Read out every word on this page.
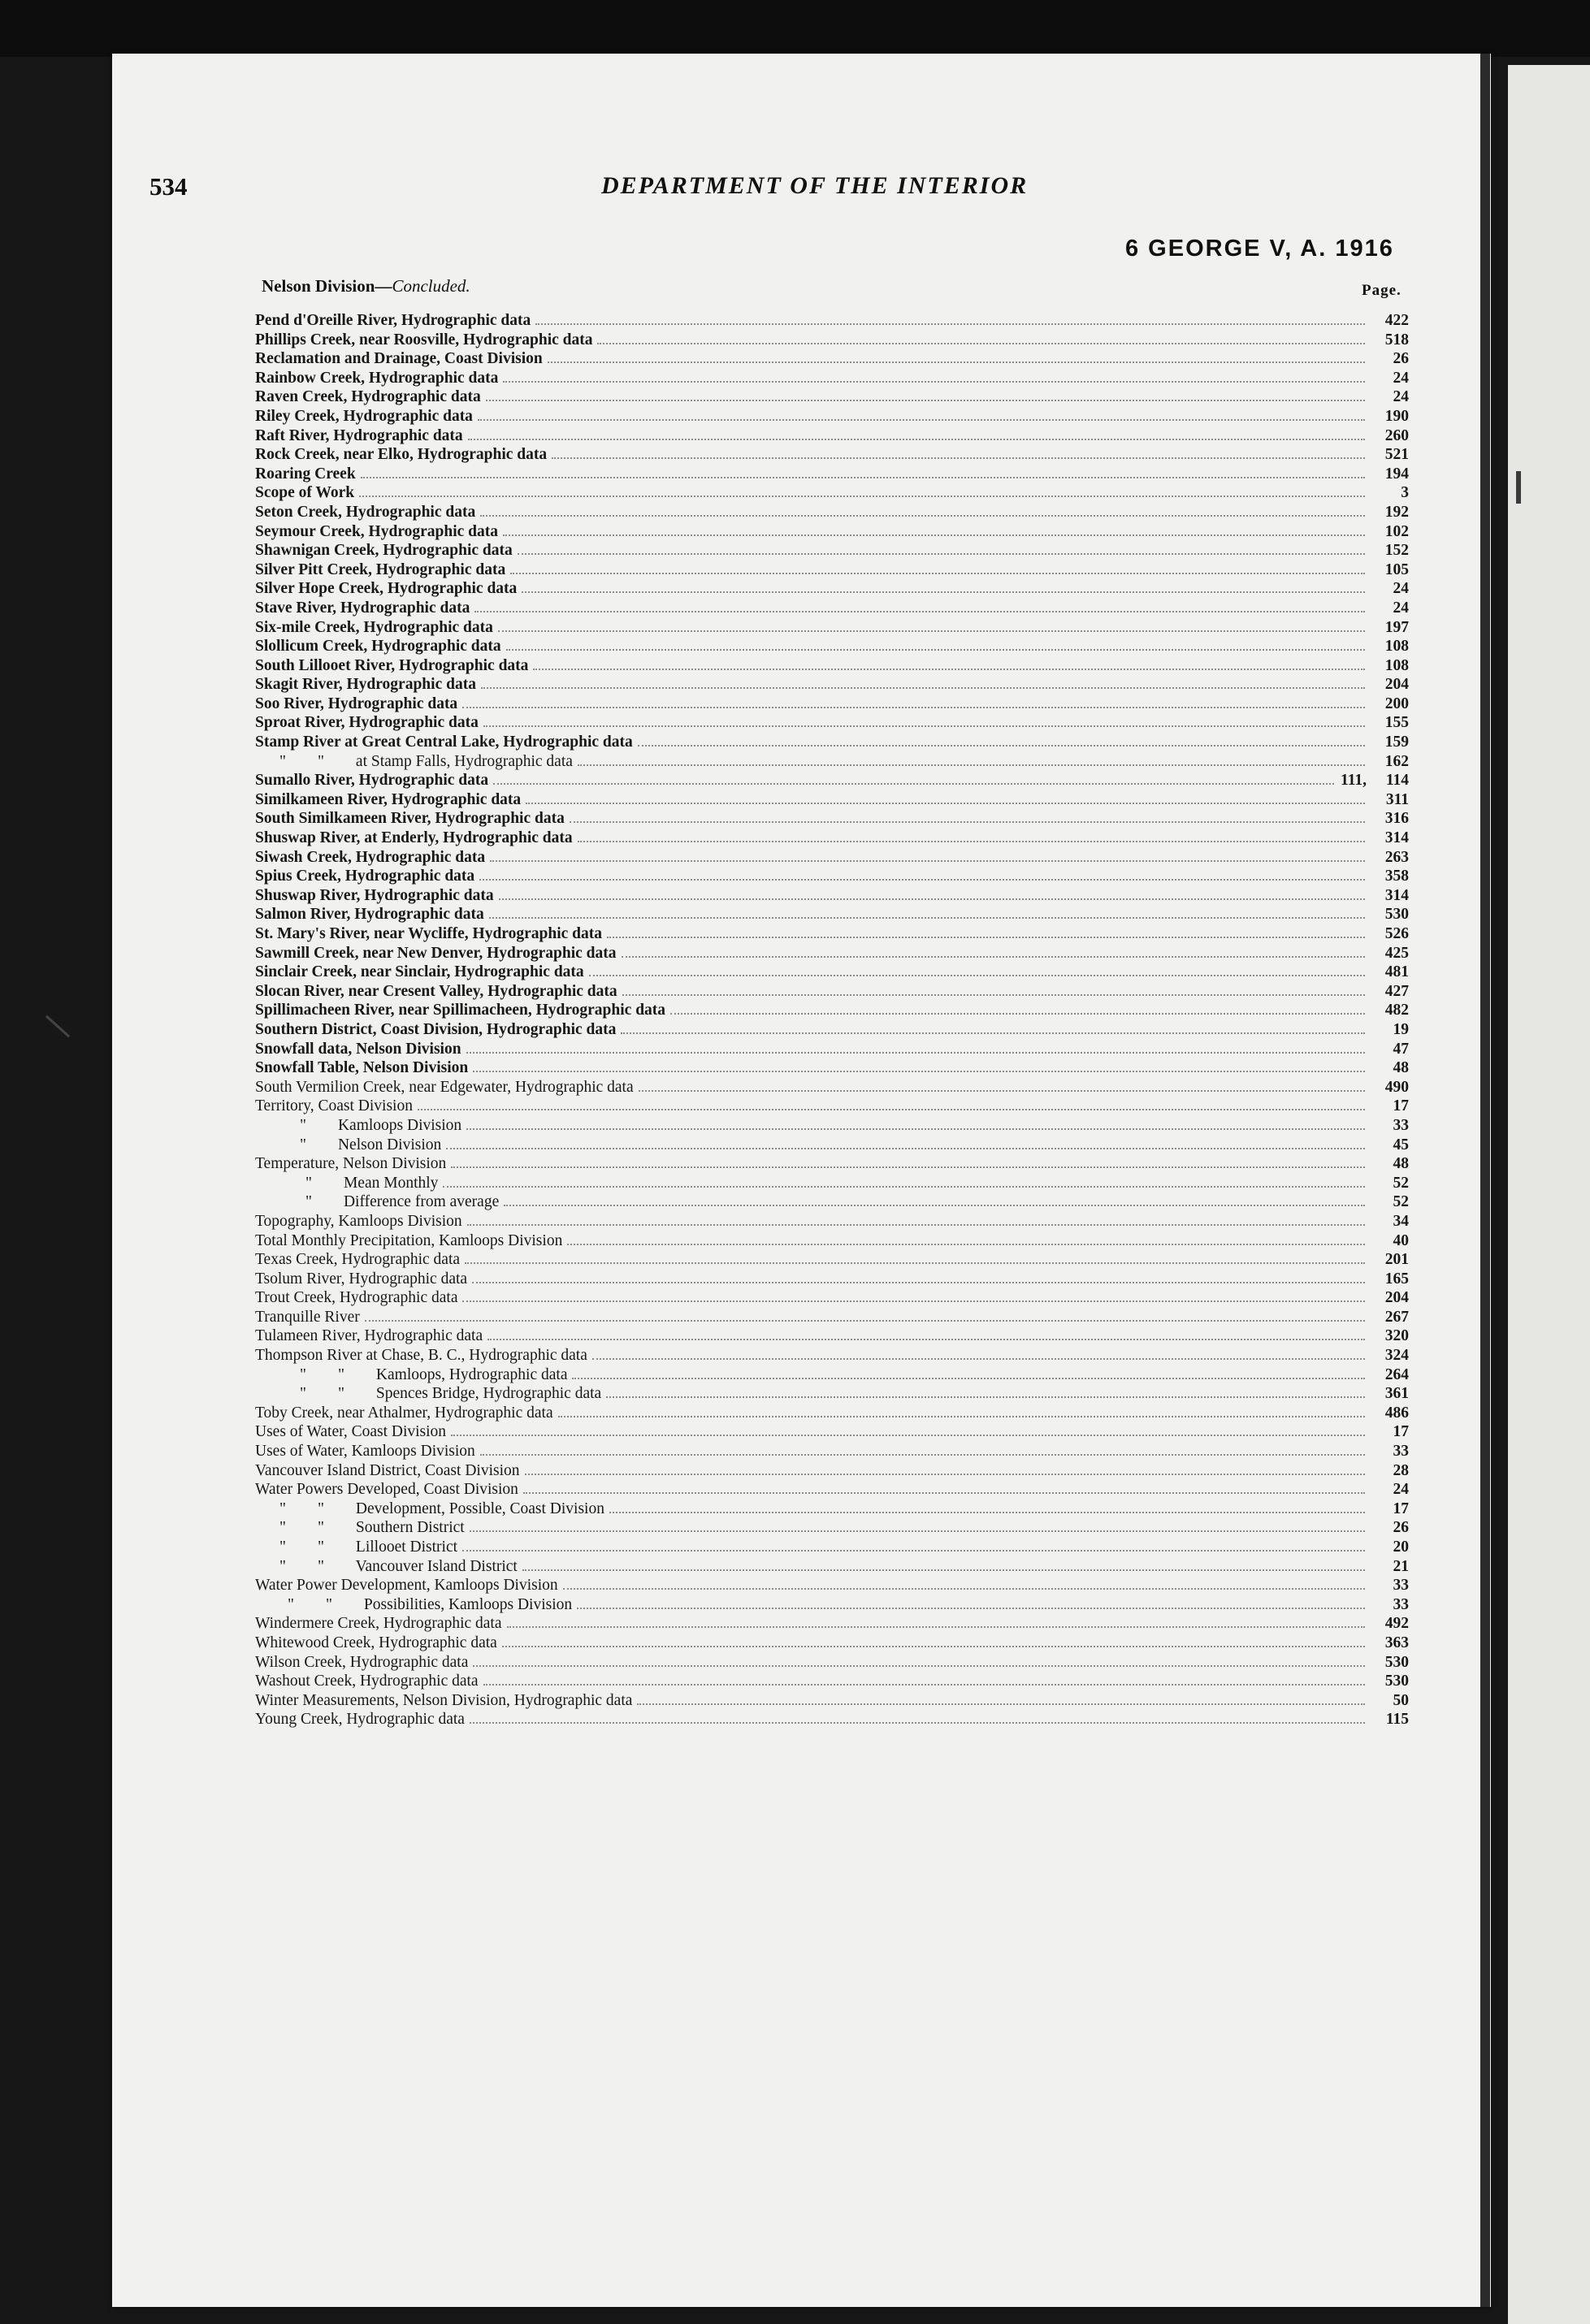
534	DEPARTMENT OF THE INTERIOR
6 GEORGE V, A. 1916
Nelson Division—Concluded.	Page.
Pend d'Oreille River, Hydrographic data	422
Phillips Creek, near Roosville, Hydrographic data	518
Reclamation and Drainage, Coast Division	26
Rainbow Creek, Hydrographic data	24
Raven Creek, Hydrographic data	24
Riley Creek, Hydrographic data	190
Raft River, Hydrographic data	260
Rock Creek, near Elko, Hydrographic data	521
Roaring Creek	194
Scope of Work	3
Seton Creek, Hydrographic data	192
Seymour Creek, Hydrographic data	102
Shawnigan Creek, Hydrographic data	152
Silver Pitt Creek, Hydrographic data	105
Silver Hope Creek, Hydrographic data	24
Stave River, Hydrographic data	24
Six-mile Creek, Hydrographic data	197
Slollicum Creek, Hydrographic data	108
South Lillooet River, Hydrographic data	108
Skagit River, Hydrographic data	204
Soo River, Hydrographic data	200
Sproat River, Hydrographic data	155
Stamp River at Great Central Lake, Hydrographic data	159
"        "        at Stamp Falls, Hydrographic data	162
Sumallo River, Hydrographic data	111,	114
Similkameen River, Hydrographic data	311
South Similkameen River, Hydrographic data	316
Shuswap River, at Enderly, Hydrographic data	314
Siwash Creek, Hydrographic data	263
Spius Creek, Hydrographic data	358
Shuswap River, Hydrographic data	314
Salmon River, Hydrographic data	530
St. Mary's River, near Wycliffe, Hydrographic data	526
Sawmill Creek, near New Denver, Hydrographic data	425
Sinclair Creek, near Sinclair, Hydrographic data	481
Slocan River, near Cresent Valley, Hydrographic data	427
Spillimacheen River, near Spillimacheen, Hydrographic data	482
Southern District, Coast Division, Hydrographic data	19
Snowfall data, Nelson Division	47
Snowfall Table, Nelson Division	48
South Vermilion Creek, near Edgewater, Hydrographic data	490
Territory, Coast Division	17
"        Kamloops Division	33
"        Nelson Division	45
Temperature, Nelson Division	48
"        Mean Monthly	52
"        Difference from average	52
Topography, Kamloops Division	34
Total Monthly Precipitation, Kamloops Division	40
Texas Creek, Hydrographic data	201
Tsolum River, Hydrographic data	165
Trout Creek, Hydrographic data	204
Tranquille River	267
Tulameen River, Hydrographic data	320
Thompson River at Chase, B. C., Hydrographic data	324
"        "        Kamloops, Hydrographic data	264
"        "        Spences Bridge, Hydrographic data	361
Toby Creek, near Athalmer, Hydrographic data	486
Uses of Water, Coast Division	17
Uses of Water, Kamloops Division	33
Vancouver Island District, Coast Division	28
Water Powers Developed, Coast Division	24
"        "        Development, Possible, Coast Division	17
"        "        Southern District	26
"        "        Lillooet District	20
"        "        Vancouver Island District	21
Water Power Development, Kamloops Division	33
"        "        Possibilities, Kamloops Division	33
Windermere Creek, Hydrographic data	492
Whitewood Creek, Hydrographic data	363
Wilson Creek, Hydrographic data	530
Washout Creek, Hydrographic data	530
Winter Measurements, Nelson Division, Hydrographic data	50
Young Creek, Hydrographic data	115
